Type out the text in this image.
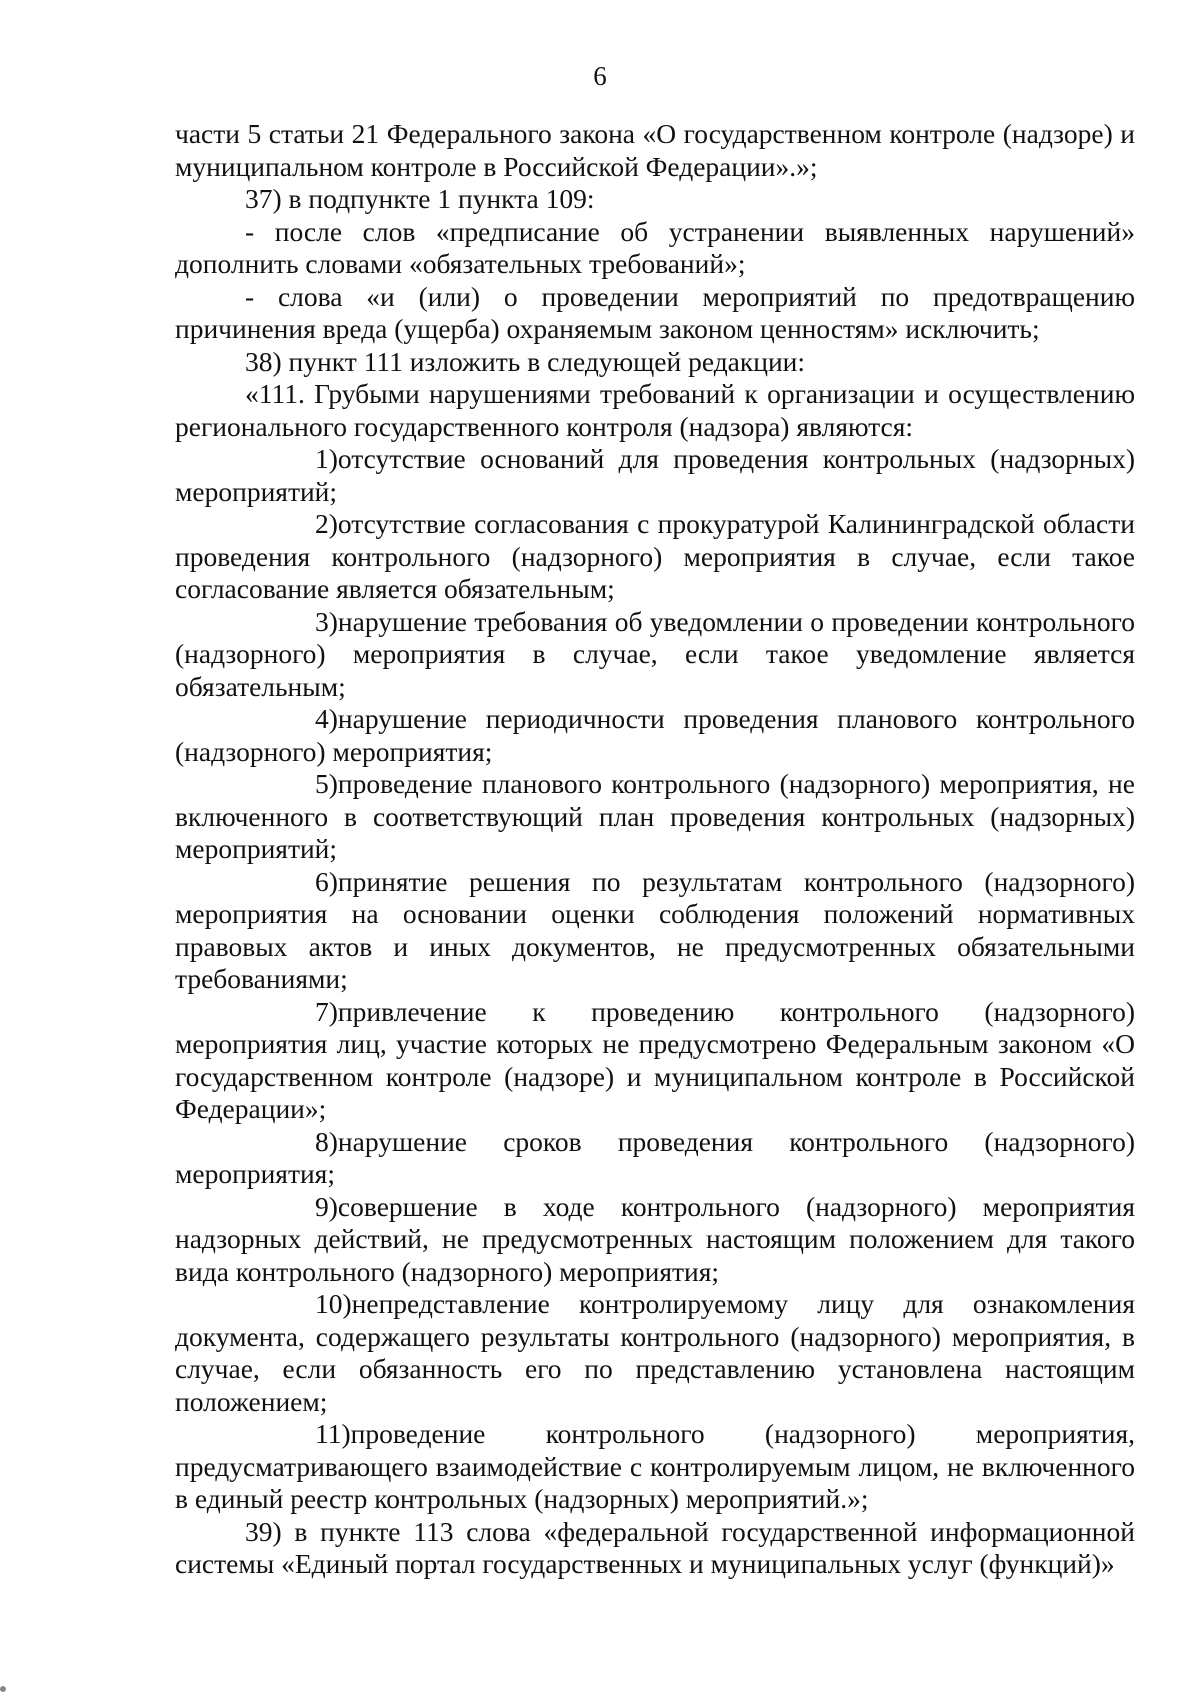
6

части 5 статьи 21 Федерального закона «О государственном контроле (надзоре) и муниципальном контроле в Российской Федерации».»;

37) в подпункте 1 пункта 109:

- после слов «предписание об устранении выявленных нарушений» дополнить словами «обязательных требований»;

- слова «и (или) о проведении мероприятий по предотвращению причинения вреда (ущерба) охраняемым законом ценностям» исключить;

38) пункт 111 изложить в следующей редакции:

«111. Грубыми нарушениями требований к организации и осуществлению регионального государственного контроля (надзора) являются:

1)отсутствие оснований для проведения контрольных (надзорных) мероприятий;

2)отсутствие согласования с прокуратурой Калининградской области проведения контрольного (надзорного) мероприятия в случае, если такое согласование является обязательным;

3)нарушение требования об уведомлении о проведении контрольного (надзорного) мероприятия в случае, если такое уведомление является обязательным;

4)нарушение периодичности проведения планового контрольного (надзорного) мероприятия;

5)проведение планового контрольного (надзорного) мероприятия, не включенного в соответствующий план проведения контрольных (надзорных) мероприятий;

6)принятие решения по результатам контрольного (надзорного) мероприятия на основании оценки соблюдения положений нормативных правовых актов и иных документов, не предусмотренных обязательными требованиями;

7)привлечение к проведению контрольного (надзорного) мероприятия лиц, участие которых не предусмотрено Федеральным законом «О государственном контроле (надзоре) и муниципальном контроле в Российской Федерации»;

8)нарушение сроков проведения контрольного (надзорного) мероприятия;

9)совершение в ходе контрольного (надзорного) мероприятия надзорных действий, не предусмотренных настоящим положением для такого вида контрольного (надзорного) мероприятия;

10)непредставление контролируемому лицу для ознакомления документа, содержащего результаты контрольного (надзорного) мероприятия, в случае, если обязанность его по представлению установлена настоящим положением;

11)проведение контрольного (надзорного) мероприятия, предусматривающего взаимодействие с контролируемым лицом, не включенного в единый реестр контрольных (надзорных) мероприятий.»;

39) в пункте 113 слова «федеральной государственной информационной системы «Единый портал государственных и муниципальных услуг (функций)»
